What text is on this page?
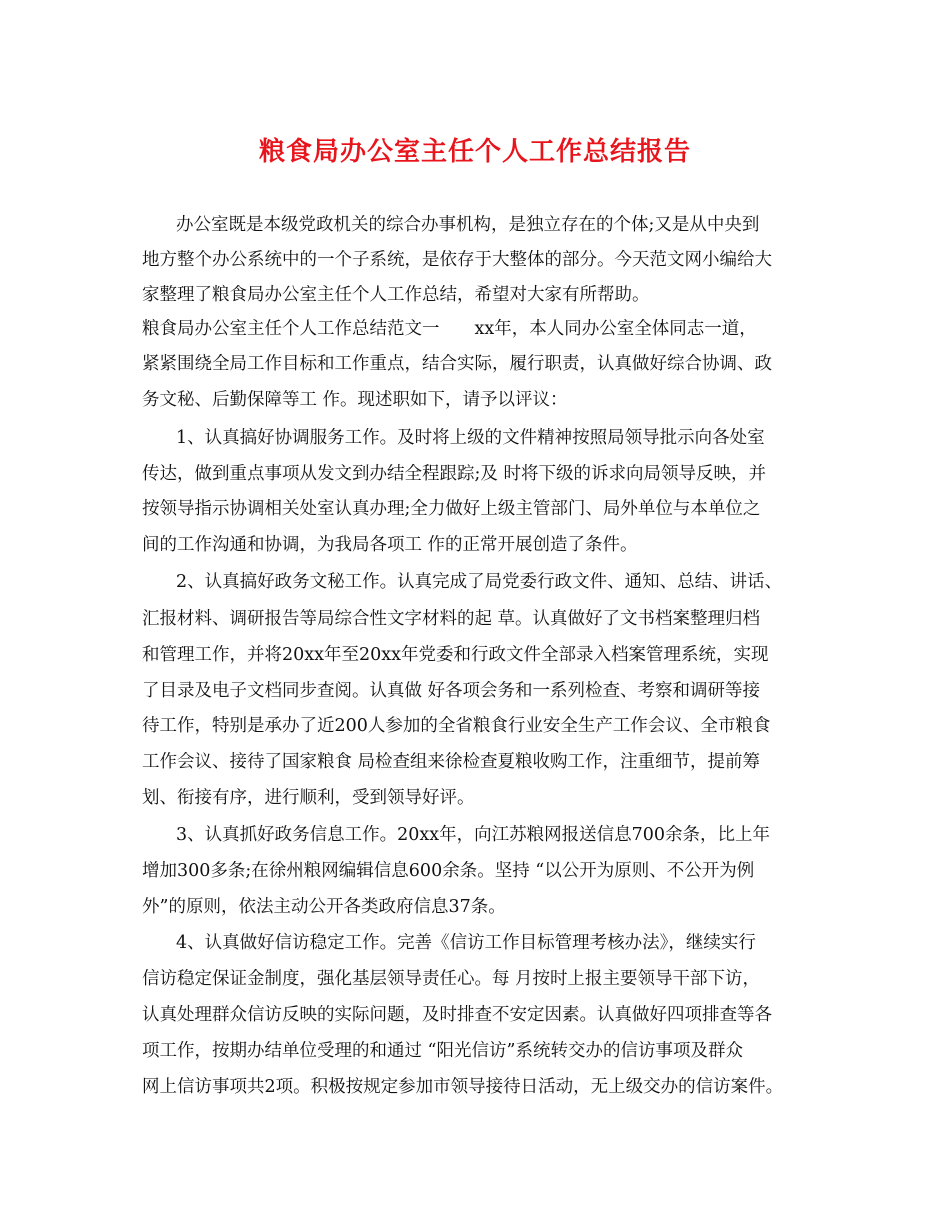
粮食局办公室主任个人工作总结报告
办公室既是本级党政机关的综合办事机构，是独立存在的个体;又是从中央到
地方整个办公系统中的一个子系统，是依存于大整体的部分。今天范文网小编给大
家整理了粮食局办公室主任个人工作总结，希望对大家有所帮助。
粮食局办公室主任个人工作总结范文一　　xx年，本人同办公室全体同志一道，
紧紧围绕全局工作目标和工作重点，结合实际，履行职责，认真做好综合协调、政
务文秘、后勤保障等工 作。现述职如下，请予以评议：
1、认真搞好协调服务工作。及时将上级的文件精神按照局领导批示向各处室
传达，做到重点事项从发文到办结全程跟踪;及 时将下级的诉求向局领导反映，并
按领导指示协调相关处室认真办理;全力做好上级主管部门、局外单位与本单位之
间的工作沟通和协调，为我局各项工 作的正常开展创造了条件。
2、认真搞好政务文秘工作。认真完成了局党委行政文件、通知、总结、讲话、
汇报材料、调研报告等局综合性文字材料的起 草。认真做好了文书档案整理归档
和管理工作，并将20xx年至20xx年党委和行政文件全部录入档案管理系统，实现
了目录及电子文档同步查阅。认真做 好各项会务和一系列检查、考察和调研等接
待工作，特别是承办了近200人参加的全省粮食行业安全生产工作会议、全市粮食
工作会议、接待了国家粮食 局检查组来徐检查夏粮收购工作，注重细节，提前筹
划、衔接有序，进行顺利，受到领导好评。
3、认真抓好政务信息工作。20xx年，向江苏粮网报送信息700余条，比上年
增加300多条;在徐州粮网编辑信息600余条。坚持 “以公开为原则、不公开为例
外”的原则，依法主动公开各类政府信息37条。
4、认真做好信访稳定工作。完善《信访工作目标管理考核办法》，继续实行
信访稳定保证金制度，强化基层领导责任心。每 月按时上报主要领导干部下访，
认真处理群众信访反映的实际问题，及时排查不安定因素。认真做好四项排查等各
项工作，按期办结单位受理的和通过 “阳光信访”系统转交办的信访事项及群众
网上信访事项共2项。积极按规定参加市领导接待日活动，无上级交办的信访案件。
